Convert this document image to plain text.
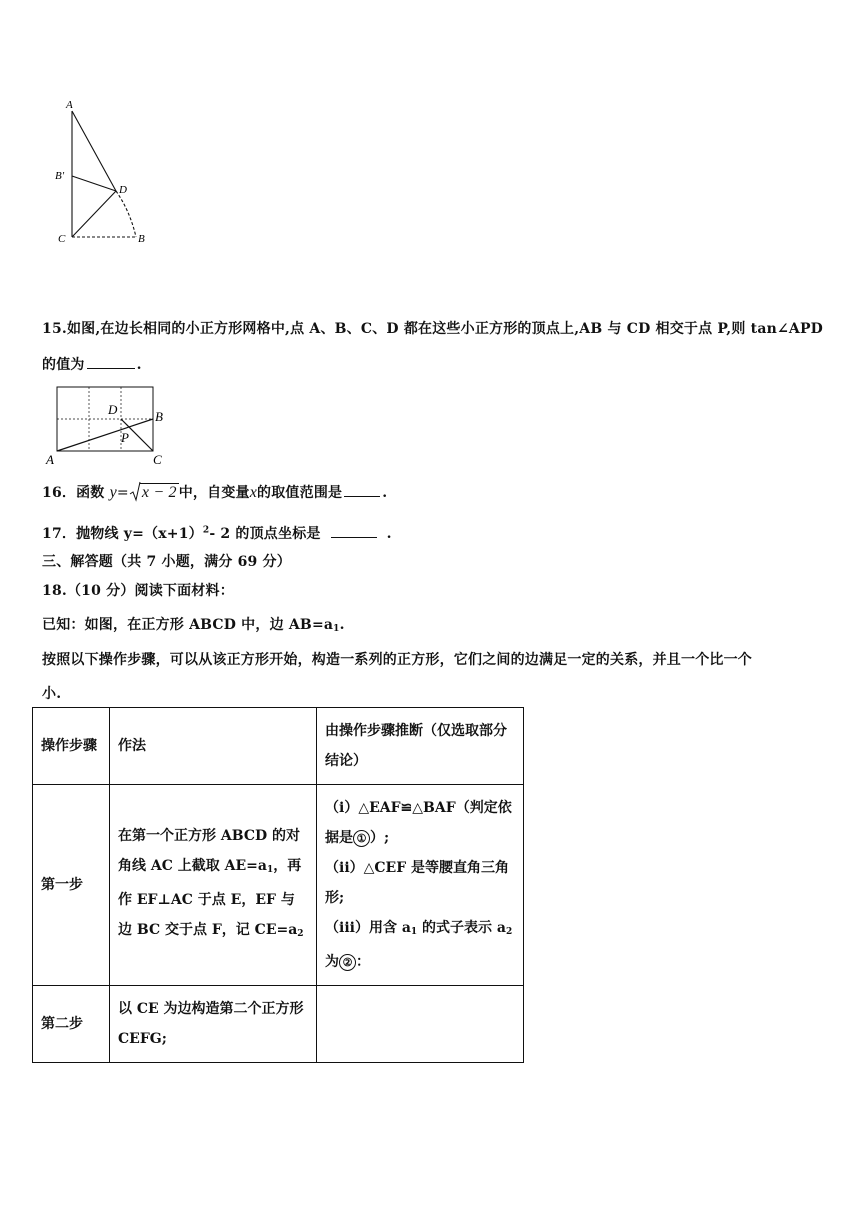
A
B'
D
C	B
15.如图,在边长相同的小正方形网格中,点 A、B、C、D 都在这些小正方形的顶点上,AB 与 CD 相交于点 P,则 tan∠APD
的值为	.
D	B
P
A	C
16．函数 y= x − 2 中，自变量x的取值范围是	.
17．抛物线 $y=(x+1)^2-$ 2 的顶点坐标是	.
三、解答题（共 7 小题，满分 69 分）
18.（10 分）阅读下面材料：
已知：如图，在正方形 ABCD 中，边 $AB=a_1$.
按照以下操作步骤，可以从该正方形开始，构造一系列的正方形，它们之间的边满足一定的关系，并且一个比一个
小.
操作步骤	作法	由操作步骤推断（仅选取部分结论）
第一步	在第一个正方形 ABCD 的对角线 AC 上截取 $AE=a_1$，再作 EF⊥AC 于点 E，EF 与边 BC 交于点 F，记 $CE=a_2$	（i）△EAF≌△BAF（判定依据是 ① ）;
（ii）△CEF 是等腰直角三角形;
（iii）用含 $a_1$ 的式子表示 $a_2$ 为 ② ：
第二步	以 CE 为边构造第二个正方形 CEFG;	
